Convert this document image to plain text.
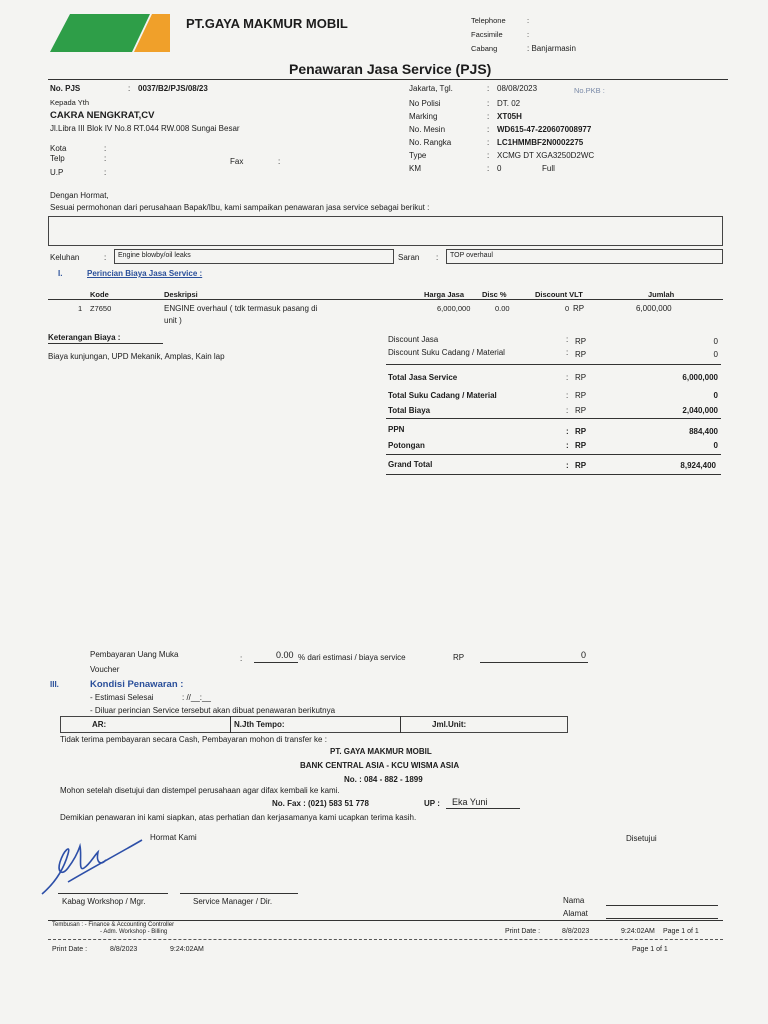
PT.GAYA MAKMUR MOBIL	Telephone	:
Facsimile	:
Cabang	: Banjarmasin
Penawaran Jasa Service (PJS)
No. PJS	: 0037/B2/PJS/08/23
Kepada Yth
CAKRA NENGKRAT,CV
Jl.Libra III Blok IV No.8 RT.044 RW.008 Sungai Besar
Kota	:
Telp	:	Fax	:
U.P	:
Jakarta, Tgl.	: 08/08/2023	No.PKB :
No Polisi	: DT. 02
Marking	: XT05H
No. Mesin	: WD615-47-220607008977
No. Rangka	: LC1HMMBF2N0002275
Type	: XCMG DT XGA3250D2WC
KM	: 0	Full
Dengan Hormat,
Sesuai permohonan dari perusahaan Bapak/Ibu, kami sampaikan penawaran jasa service sebagai berikut :
Keluhan	: Engine blowby/oil leaks	Saran : TOP overhaul
I.	Perincian Biaya Jasa Service :
Kode	Deskripsi	Harga Jasa Disc %	Discount VLT	Jumlah
1 Z7650	ENGINE overhaul ( tdk termasuk pasang di
unit )
6,000,000	0.00	0 RP	6,000,000
Keterangan Biaya :
Biaya kunjungan, UPD Mekanik, Amplas, Kain lap
Discount Jasa	: RP	0
Discount Suku Cadang / Material	: RP	0
Total Jasa Service	: RP	6,000,000
Total Suku Cadang / Material	: RP	0
Total Biaya	: RP	2,040,000
PPN	: RP	884,400
Potongan	: RP	0
Grand Total	: RP	8,924,400
Pembayaran Uang Muka	:	0.00 % dari estimasi / biaya service	RP	0
Voucher
III.	Kondisi Penawaran :
- Estimasi Selesai	: //__:__
- Diluar perincian Service tersebut akan dibuat penawaran berikutnya
AR:	N.Jth Tempo:	Jml.Unit:
Tidak terima pembayaran secara Cash, Pembayaran mohon di transfer ke :
PT. GAYA MAKMUR MOBIL
BANK CENTRAL ASIA - KCU WISMA ASIA
No. : 084 - 882 - 1899
Mohon setelah disetujui dan distempel perusahaan agar difax kembali ke kami.
No. Fax : (021) 583 51 778	UP : Eka Yuni
Demikian penawaran ini kami siapkan, atas perhatian dan kerjasamanya kami ucapkan terima kasih.
Hormat Kami	Disetujui
Kabag Workshop / Mgr.	Service Manager / Dir.	Nama
Alamat
Tembusan : - Finance & Accounting Controller
- Adm. Workshop - Billing	Print Date :	8/8/2023	9:24:02AM Page 1 of 1
Print Date :	8/8/2023	9:24:02AM	Page 1 of 1
